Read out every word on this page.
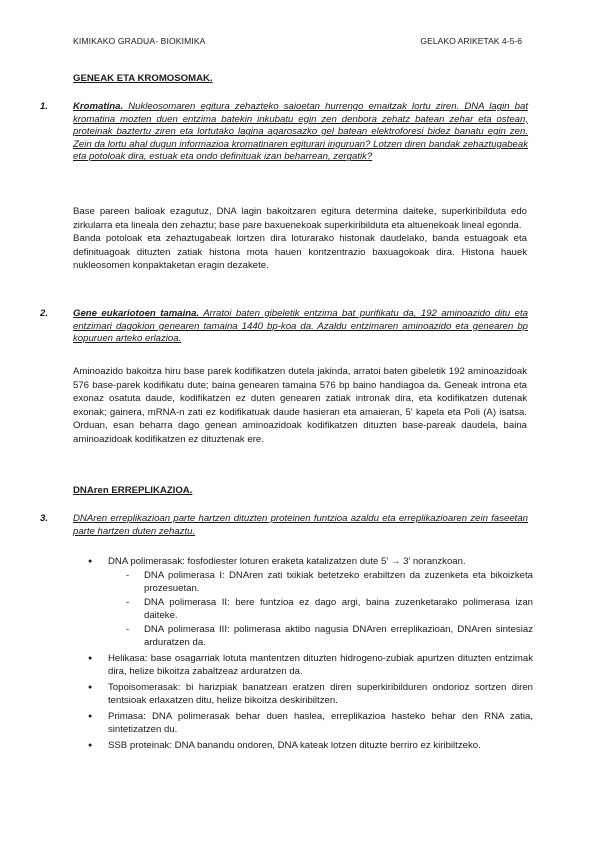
KIMIKAKO GRADUA- BIOKIMIKA	GELAKO ARIKETAK 4-5-6
GENEAK ETA KROMOSOMAK.
1.	Kromatina. Nukleosomaren egitura zehazteko saioetan hurrengo emaitzak lortu ziren. DNA lagin bat kromatina mozten duen entzima batekin inkubatu egin zen denbora zehatz batean zehar eta ostean, proteinak baztertu ziren eta lortutako lagina agarosazko gel batean elektroforesi bidez banatu egin zen. Zein da lortu ahal dugun informazioa kromatinaren egiturari inguruan? Lotzen diren bandak zehaztugabeak eta potoloak dira, estuak eta ondo definituak izan beharrean, zergatik?

Base pareen balioak ezagutuz, DNA lagin bakoitzaren egitura determina daiteke, superkiribilduta edo zirkularra eta lineala den zehaztu; base pare baxuenekoak superkiribilduta eta altuenekoak lineal egonda.

Banda potoloak eta zehaztugabeak lortzen dira loturarako histonak daudelako, banda estuagoak eta definituagoak dituzten zatiak histona mota hauen kontzentrazio baxuagokoak dira. Histona hauek nukleosomen konpaktaketan eragin dezakete.

2.	Gene eukariotoen tamaina. Arratoi baten gibeletik entzima bat purifikatu da, 192 aminoazido ditu eta entzimari dagokion genearen tamaina 1440 bp-koa da. Azaldu entzimaren aminoazido eta genearen bp kopuruen arteko erlazioa.

Aminoazido bakoitza hiru base parek kodifikatzen dutela jakinda, arratoi baten gibeletik 192 aminoazidoak 576 base-parek kodifikatu dute; baina genearen tamaina 576 bp baino handiagoa da. Geneak introna eta exonaz osatuta daude, kodifikatzen ez duten genearen zatiak intronak dira, eta kodifikatzen dutenak exonak; gainera, mRNA-n zati ez kodifikatuak daude hasieran eta amaieran, 5' kapela eta Poli (A) isatsa. Orduan, esan beharra dago genean aminoazidoak kodifikatzen dituzten base-pareak daudela, baina aminoazidoak kodifikatzen ez dituztenak ere.

DNAren ERREPLIKAZIOA.
3.	DNAren erreplikazioan parte hartzen dituzten proteinen funtzioa azaldu eta erreplikazioaren zein faseetan parte hartzen duten zehaztu.
● DNA polimerasak: fosfodiester loturen eraketa katalizatzen dute 5’ → 3’ noranzkoan.
- DNA polimerasa I: DNAren zati txikiak betetzeko erabiltzen da zuzenketa eta bikoizketa prozesuetan.
- DNA polimerasa II: bere funtzioa ez dago argi, baina zuzenketarako polimerasa izan daiteke.
- DNA polimerasa III: polimerasa aktibo nagusia DNAren erreplikazioan, DNAren sintesiaz arduratzen da.
● Helikasa: base osagarriak lotuta mantentzen dituzten hidrogeno-zubiak apurtzen dituzten entzimak dira, helize bikoitza zabaltzeaz arduratzen da.
● Topoisomerasak: bi harizpiak banatzean eratzen diren superkiribilduren ondorioz sortzen diren tentsioak erlaxatzen ditu, helize bikoitza deskiribiltzen.
● Primasa: DNA polimerasak behar duen haslea, erreplikazioa hasteko behar den RNA zatia, sintetizatzen du.
● SSB proteinak: DNA banandu ondoren, DNA kateak lotzen dituzte berriro ez kiribiltzeko.
